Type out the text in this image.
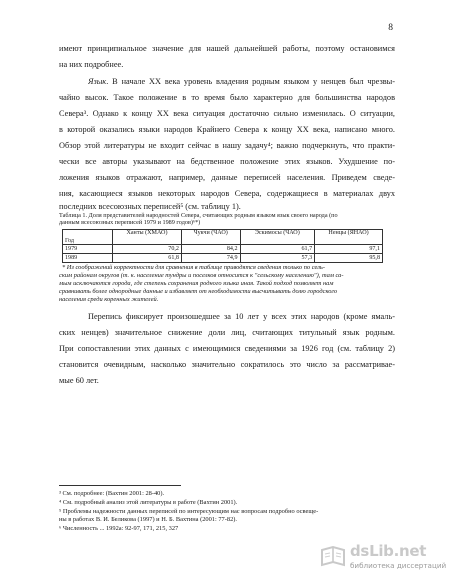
8
имеют принципиальное значение для нашей дальнейшей работы, поэтому остановимся
на них подробнее.
Язык. В начале XX века уровень владения родным языком у ненцев был чрезвы-
чайно высок. Такое положение в то время было характерно для большинства народов
Севера³. Однако к концу XX века ситуация достаточно сильно изменилась. О ситуации,
в которой оказались языки народов Крайнего Севера к концу XX века, написано много.
Обзор этой литературы не входит сейчас в нашу задачу⁴; важно подчеркнуть, что практи-
чески все авторы указывают на бедственное положение этих языков. Ухудшение по-
ложения языков отражают, например, данные переписей населения. Приведем сведе-
ния, касающиеся языков некоторых народов Севера, содержащиеся в материалах двух
последних всесоюзных переписей⁵ (см. таблицу 1).
Таблица 1. Доля представителей народностей Севера, считающих родным языком язык своего народа (по
данным всесоюзных переписей 1979 и 1989 годов)⁶*)
Год	Ханты (ХМАО)	Чукчи (ЧАО)	Эскимосы (ЧАО)	Ненцы (ЯНАО)
1979	70,2	84,2	61,7	97,1
1989	61,8	74,9	57,3	95,8
* Из соображений корректности для сравнения в таблице приводятся сведения только по сель-
ским районам округов (т. к. население тундры и поселков относится к "сельскому населению"), там са-
мым исключаются города, где степень сохранения родного языка иная. Такой подход позволяет нам
сравнивать более однородные данные и избавляет от необходимости высчитывать долю городского
населения среди коренных жителей.
Перепись фиксирует произошедшее за 10 лет у всех этих народов (кроме ямаль-
ских ненцев) значительное снижение доли лиц, считающих титульный язык родным.
При сопоставлении этих данных с имеющимися сведениями за 1926 год (см. таблицу 2)
становится очевидным, насколько значительно сократилось это число за рассматривае-
мые 60 лет.
³ См. подробнее: (Вахтин 2001: 28-40).
⁴ См. подробный анализ этой литературы в работе (Вахтин 2001).
⁵ Проблемы надежности данных переписей по интересующим нас вопросам подробно освеще-
ны в работах В. И. Беликова (1997) и Н. Б. Вахтина (2001: 77-82).
⁶ Численность ... 1992а: 92-97, 171, 215, 327
dsLib.net
библиотека диссертаций
